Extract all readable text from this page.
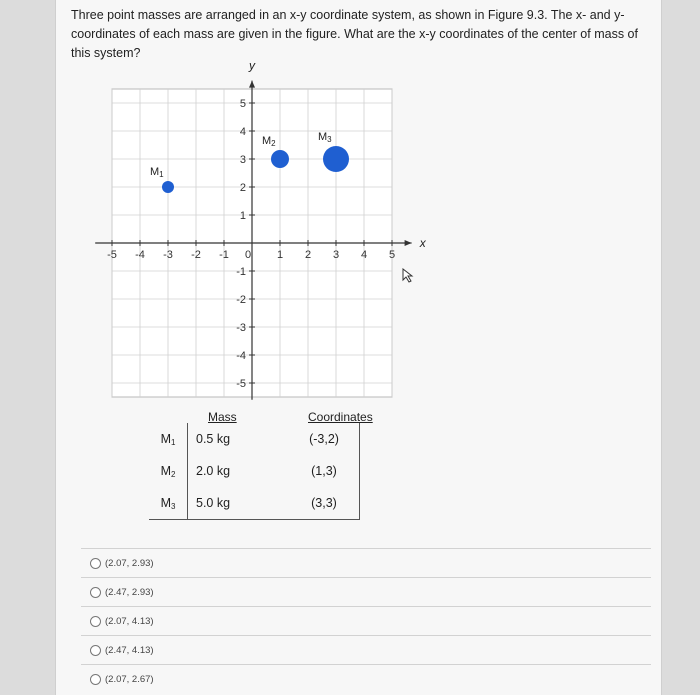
Three point masses are arranged in an x-y coordinate system, as shown in Figure 9.3. The x- and y-coordinates of each mass are given in the figure. What are the x-y coordinates of the center of mass of this system?
x
y
-5 -4 -3 -2 -1 0 1 2 3 4 5
5
4
3
2
1
-1
-2
-3
-4
-5
M1
M2
M3
Mass	Coordinates
$M_1$	0.5 kg	(-3,2)
$M_2$	2.0 kg	(1,3)
$M_3$	5.0 kg	(3,3)
(2.07, 2.93)
(2.47, 2.93)
(2.07, 4.13)
(2.47, 4.13)
(2.07, 2.67)
